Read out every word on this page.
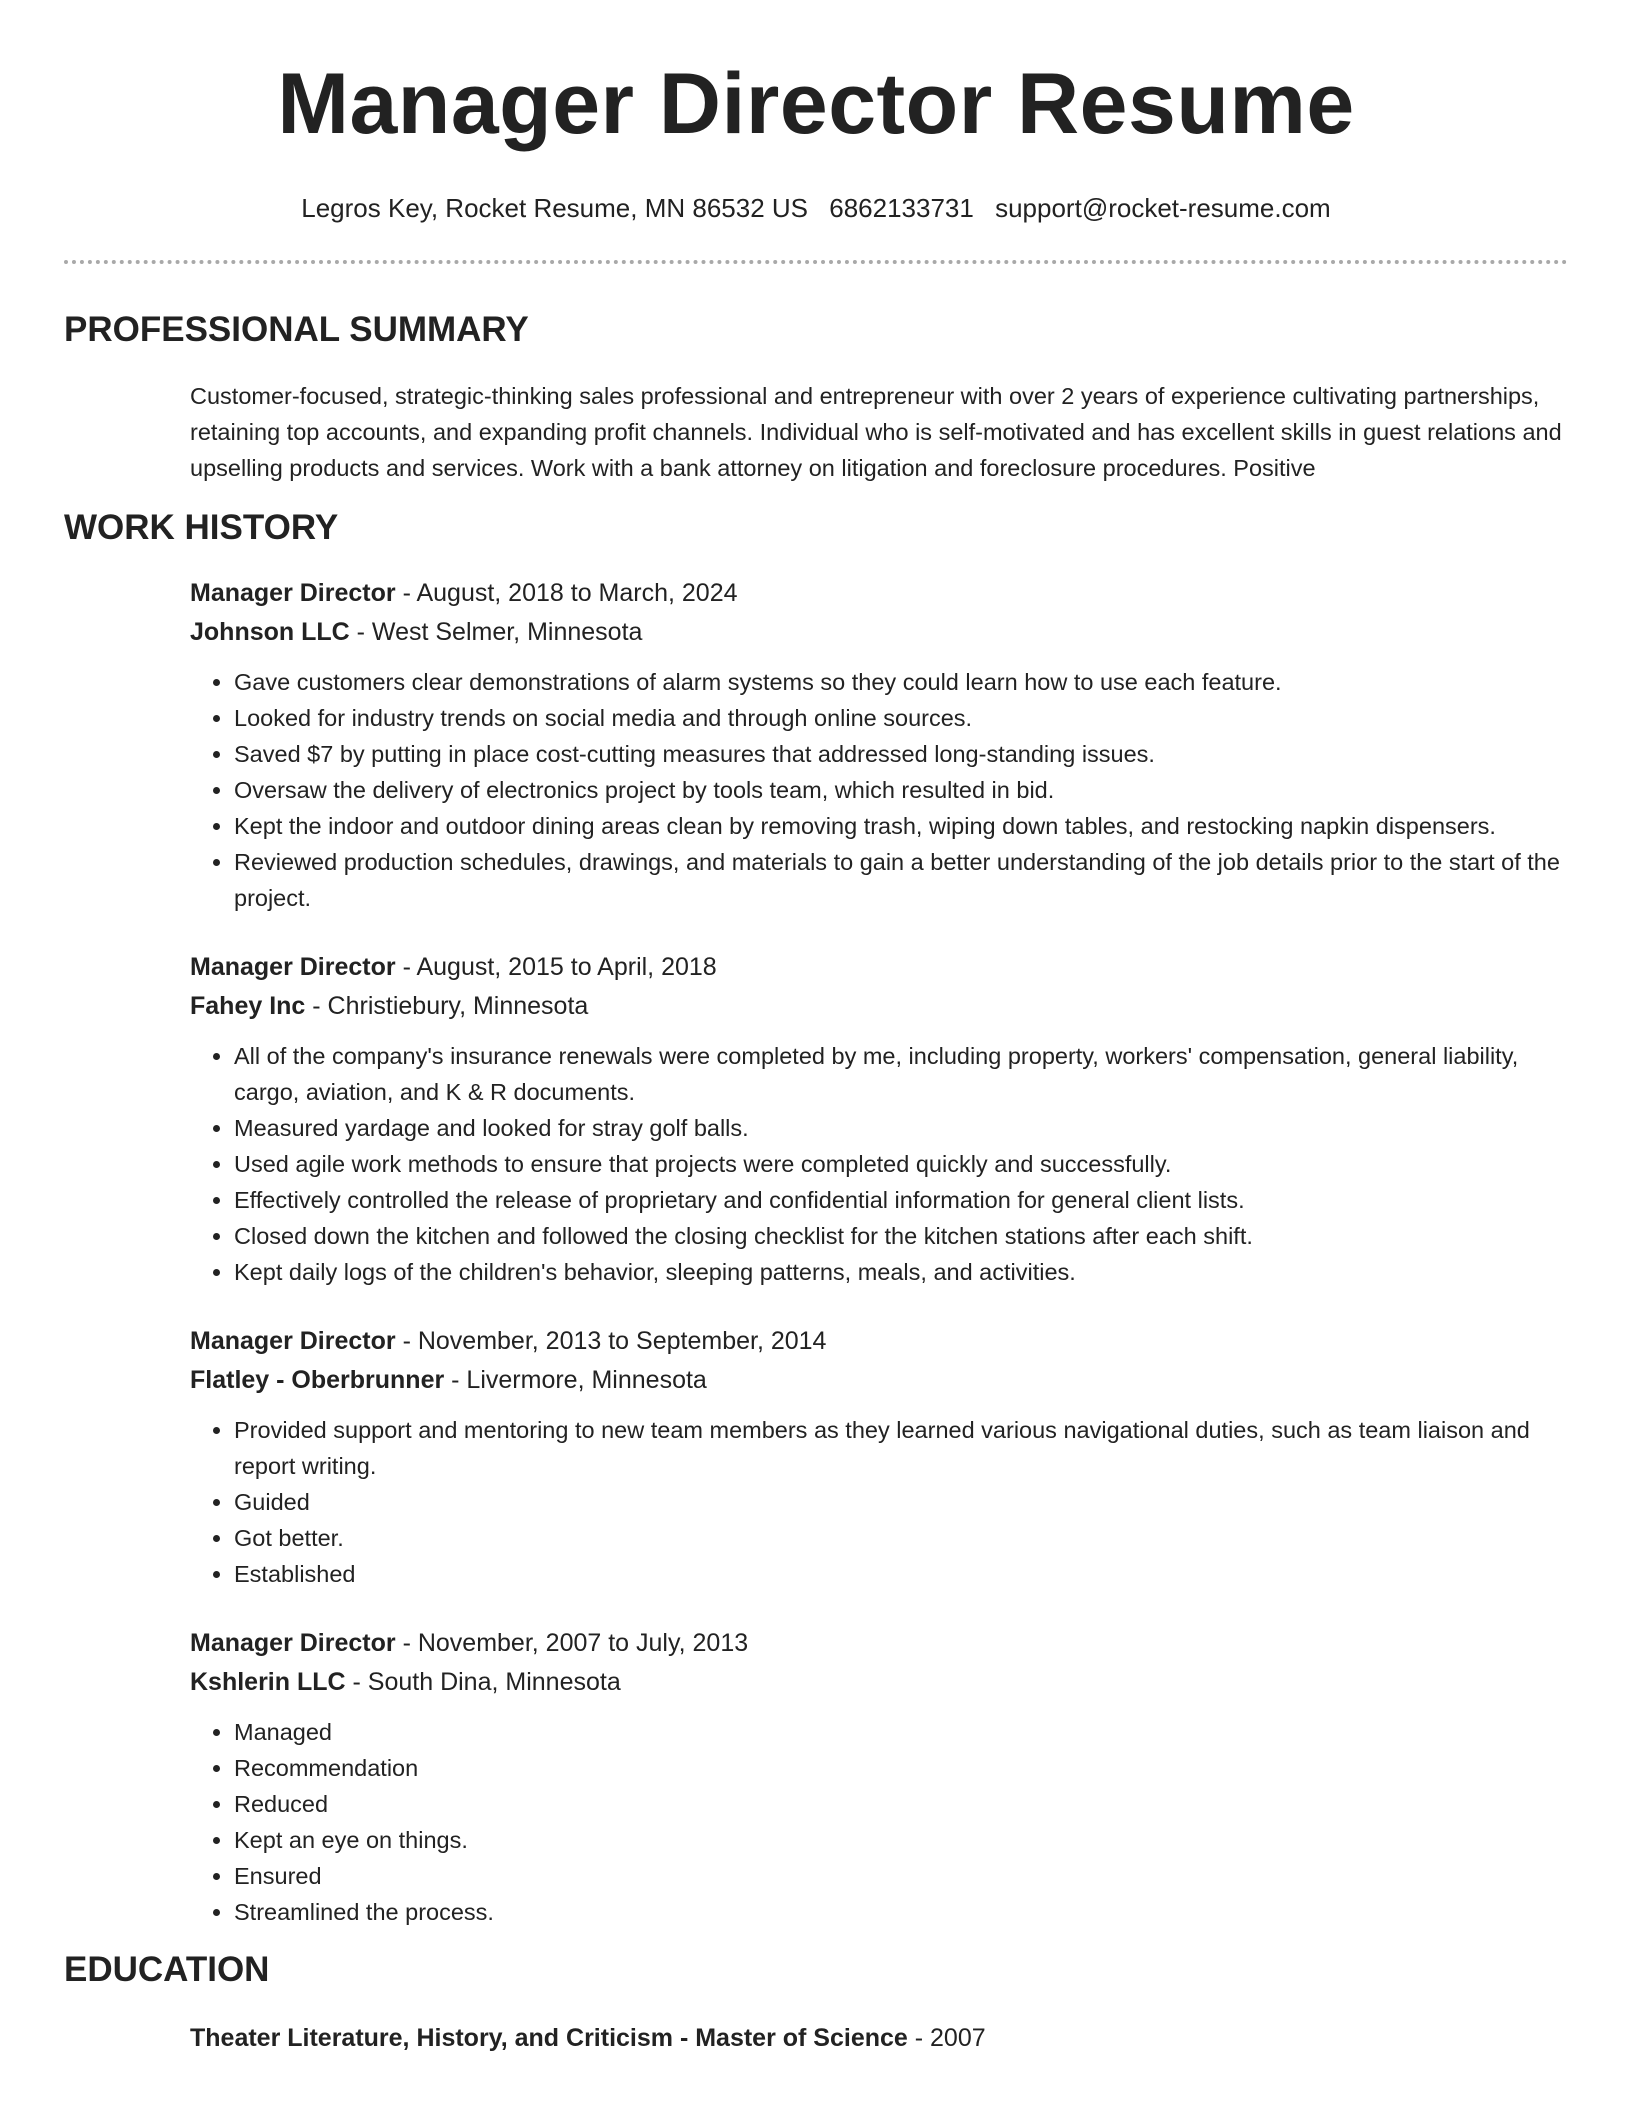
Manager Director Resume
Legros Key, Rocket Resume, MN 86532 US 6862133731 support@rocket-resume.com
PROFESSIONAL SUMMARY

Customer-focused, strategic-thinking sales professional and entrepreneur with over 2 years of experience cultivating partnerships, retaining top accounts, and expanding profit channels. Individual who is self-motivated and has excellent skills in guest relations and upselling products and services. Work with a bank attorney on litigation and foreclosure procedures. Positive

WORK HISTORY
Manager Director - August, 2018 to March, 2024
Johnson LLC - West Selmer, Minnesota
• Gave customers clear demonstrations of alarm systems so they could learn how to use each feature.
• Looked for industry trends on social media and through online sources.
• Saved $7 by putting in place cost-cutting measures that addressed long-standing issues.
• Oversaw the delivery of electronics project by tools team, which resulted in bid.
• Kept the indoor and outdoor dining areas clean by removing trash, wiping down tables, and restocking napkin dispensers.
• Reviewed production schedules, drawings, and materials to gain a better understanding of the job details prior to the start of the project.
Manager Director - August, 2015 to April, 2018
Fahey Inc - Christiebury, Minnesota
• All of the company's insurance renewals were completed by me, including property, workers' compensation, general liability, cargo, aviation, and K & R documents.
• Measured yardage and looked for stray golf balls.
• Used agile work methods to ensure that projects were completed quickly and successfully.
• Effectively controlled the release of proprietary and confidential information for general client lists.
• Closed down the kitchen and followed the closing checklist for the kitchen stations after each shift.
• Kept daily logs of the children's behavior, sleeping patterns, meals, and activities.
Manager Director - November, 2013 to September, 2014
Flatley - Oberbrunner - Livermore, Minnesota
• Provided support and mentoring to new team members as they learned various navigational duties, such as team liaison and report writing.
• Guided
• Got better.
• Established
Manager Director - November, 2007 to July, 2013
Kshlerin LLC - South Dina, Minnesota
• Managed
• Recommendation
• Reduced
• Kept an eye on things.
• Ensured
• Streamlined the process.
EDUCATION
Theater Literature, History, and Criticism - Master of Science - 2007
